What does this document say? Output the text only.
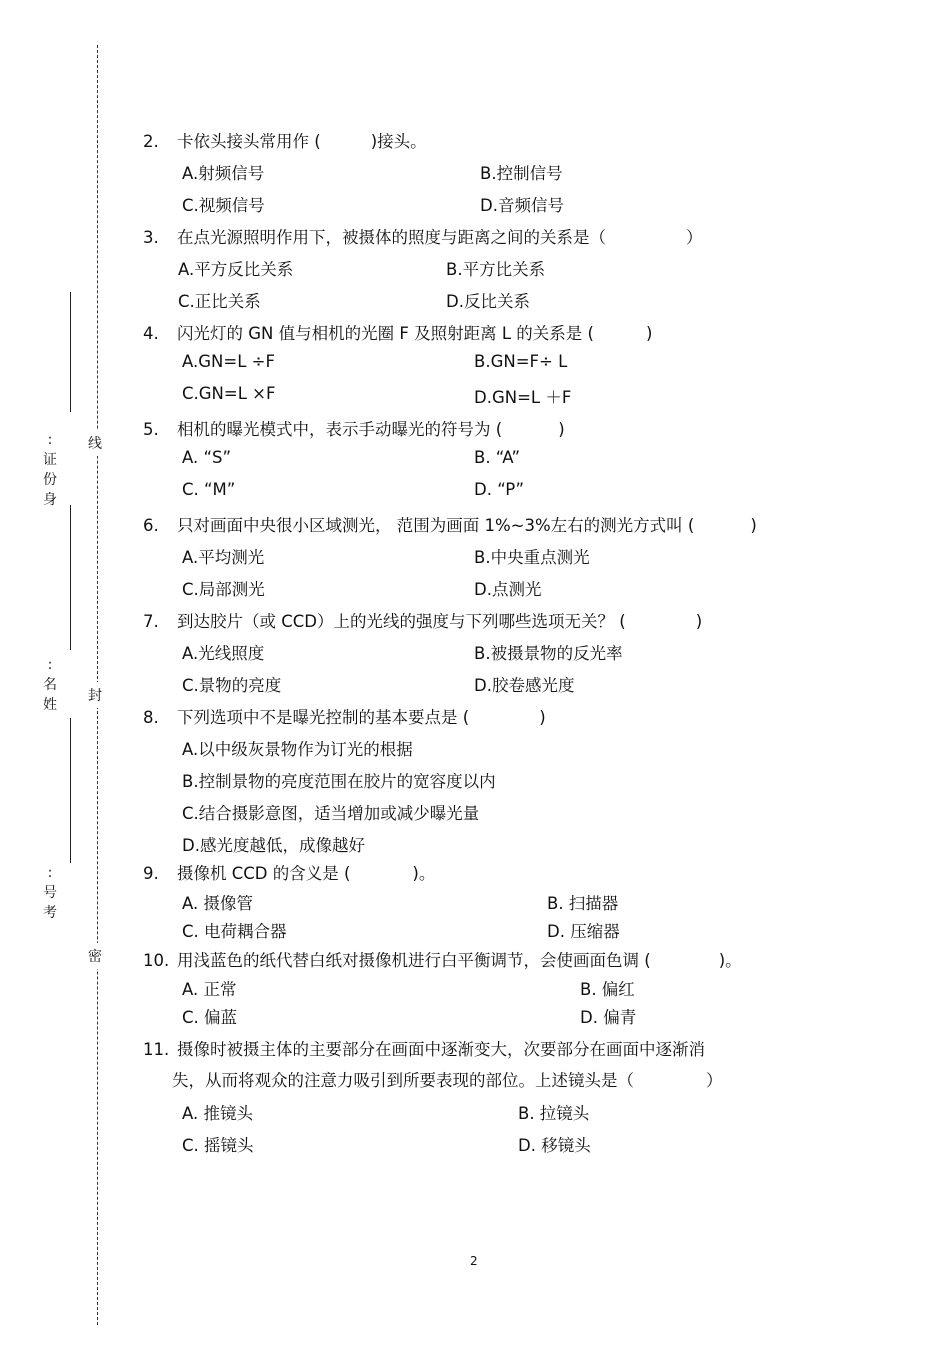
线
封
密
:
证
份
身
:
名
姓
:
号
考
2. 卡依头接头常用作 (	)接头。
A.射频信号	B.控制信号
C.视频信号	D.音频信号
3. 在点光源照明作用下，被摄体的照度与距离之间的关系是（	）
A.平方反比关系	B.平方比关系
C.正比关系	D.反比关系
4. 闪光灯的 GN 值与相机的光圈 F 及照射距离 L 的关系是 (	)
A.GN=L ÷F	B.GN=F÷ L
C.GN=L ×F	D.GN=L ＋F
5. 相机的曝光模式中，表示手动曝光的符号为 (	)
A. “S”	B. “A”
C. “M”	D. “P”
6. 只对画面中央很小区域测光， 范围为画面 1%~3%左右的测光方式叫 (	)
A.平均测光	B.中央重点测光
C.局部测光	D.点测光
7. 到达胶片（或 CCD）上的光线的强度与下列哪些选项无关？ (	)
A.光线照度	B.被摄景物的反光率
C.景物的亮度	D.胶卷感光度
8. 下列选项中不是曝光控制的基本要点是 (	)
A.以中级灰景物作为订光的根据
B.控制景物的亮度范围在胶片的宽容度以内
C.结合摄影意图，适当增加或减少曝光量
D.感光度越低，成像越好
9. 摄像机 CCD 的含义是 (	)。
A. 摄像管	B. 扫描器
C. 电荷耦合器	D. 压缩器
10. 用浅蓝色的纸代替白纸对摄像机进行白平衡调节，会使画面色调 (	)。
A. 正常	B. 偏红
C. 偏蓝	D. 偏青
11. 摄像时被摄主体的主要部分在画面中逐渐变大，次要部分在画面中逐渐消
失，从而将观众的注意力吸引到所要表现的部位。上述镜头是（	）
A. 推镜头	B. 拉镜头
C. 摇镜头	D. 移镜头
2
